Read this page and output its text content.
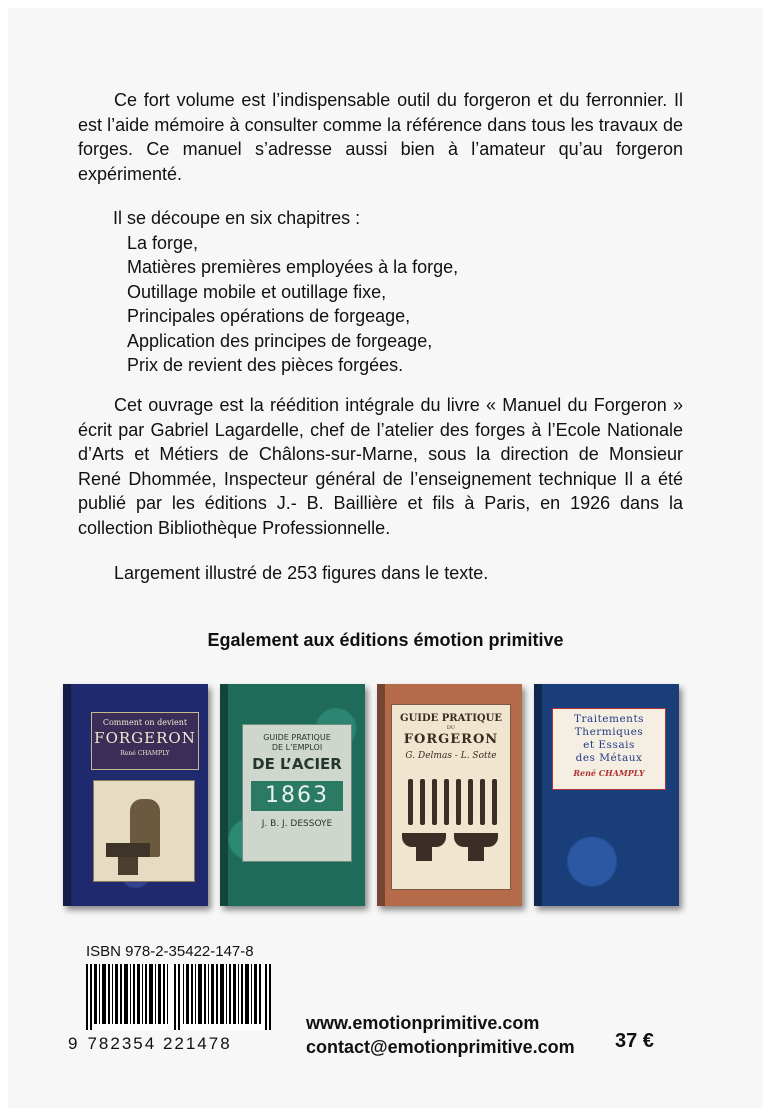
Ce fort volume est l’indispensable outil du forgeron et du ferronnier. Il est l’aide mémoire à consulter comme la référence dans tous les travaux de forges. Ce manuel s’adresse aussi bien à l’amateur qu’au forgeron expérimenté.
Il se découpe en six chapitres :
La forge,
Matières premières employées à la forge,
Outillage mobile et outillage fixe,
Principales opérations de forgeage,
Application des principes de forgeage,
Prix de revient des pièces forgées.

Cet ouvrage est la réédition intégrale du livre « Manuel du Forgeron » écrit par Gabriel Lagardelle, chef de l’atelier des forges à l’Ecole Nationale d’Arts et Métiers de Châlons-sur-Marne, sous la direction de Monsieur René Dhommée, Inspecteur général de l’enseignement technique Il a été publié par les éditions J.- B. Baillière et fils à Paris, en 1926 dans la collection Bibliothèque Professionnelle.

Largement illustré de 253 figures dans le texte.
Egalement aux éditions émotion primitive
Comment on devient
FORGERON
René CHAMPLY
GUIDE PRATIQUE
DE L’EMPLOI
DE L’ACIER
1863
J. B. J. DESSOYE
GUIDE PRATIQUE
DU
FORGERON
G. Delmas - L. Sotte
Traitements
Thermiques
et Essais
des Métaux
René CHAMPLY
ISBN 978-2-35422-147-8
9 782354 221478
www.emotionprimitive.com
contact@emotionprimitive.com 37 €
